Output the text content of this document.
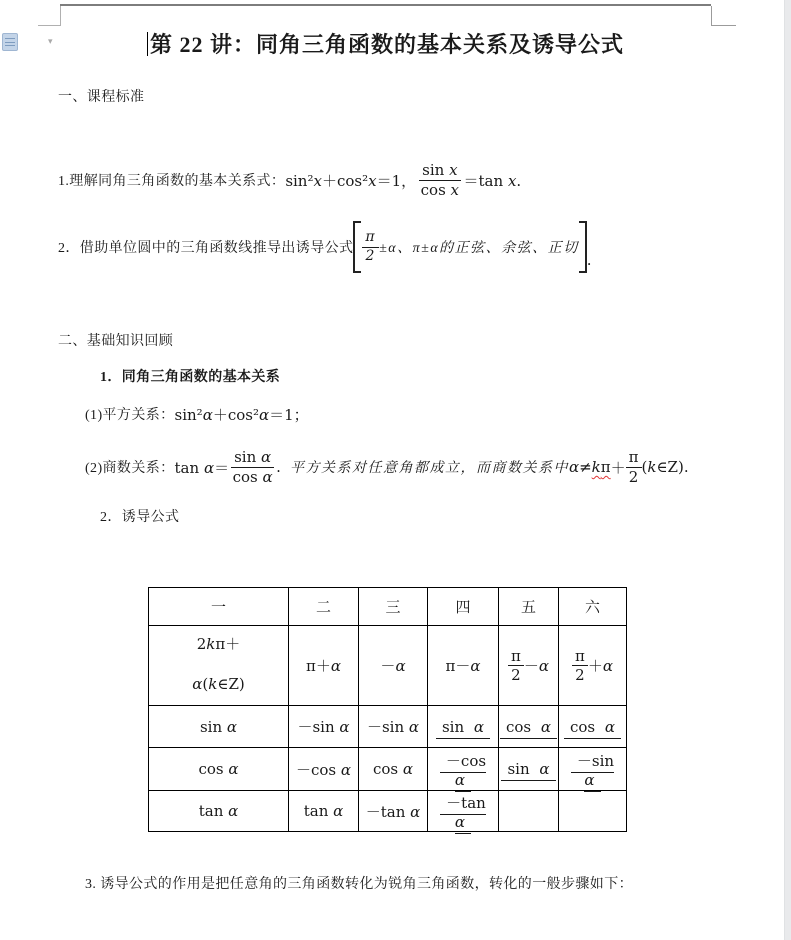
▾	第 22 讲：同角三角函数的基本关系及诱导公式
一、课程标准
1.理解同角三角函数的基本关系式： sin²x＋cos²x＝1， $\frac{\text{sin x}}{\text{cos x}} =\tan$ x.
2．借助单位圆中的三角函数线推导出诱导公式 $\frac{\pi}{2} \pm\alpha$、π±α的正弦、余弦、正切
.
二、基础知识回顾
1．同角三角函数的基本关系
(1)平方关系： sin²α＋cos²α＝1；
(2)商数关系： $\tan \alpha= \frac{\text{sin α}}{\text{cos α}}$ . 平方关系对任意角都成立，而商数关系中 $\alpha\ne k\pi + \frac{\pi}{2}$ (k∈Z).
2．诱导公式
一	二	三	四	五	六

2kπ＋
α(k∈Z)	π＋α	－α	π－α	$\frac{\pi}{2} -\alpha$	$\frac{\pi}{2} +\alpha$

sin α	－sin α	－sin α	sin α	cos α	cos α
cos α	－cos α	cos α	－cos α	sin α	－sin α
tan α	tan α	－tan α	－tan α		
3. 诱导公式的作用是把任意角的三角函数转化为锐角三角函数，转化的一般步骤如下：
